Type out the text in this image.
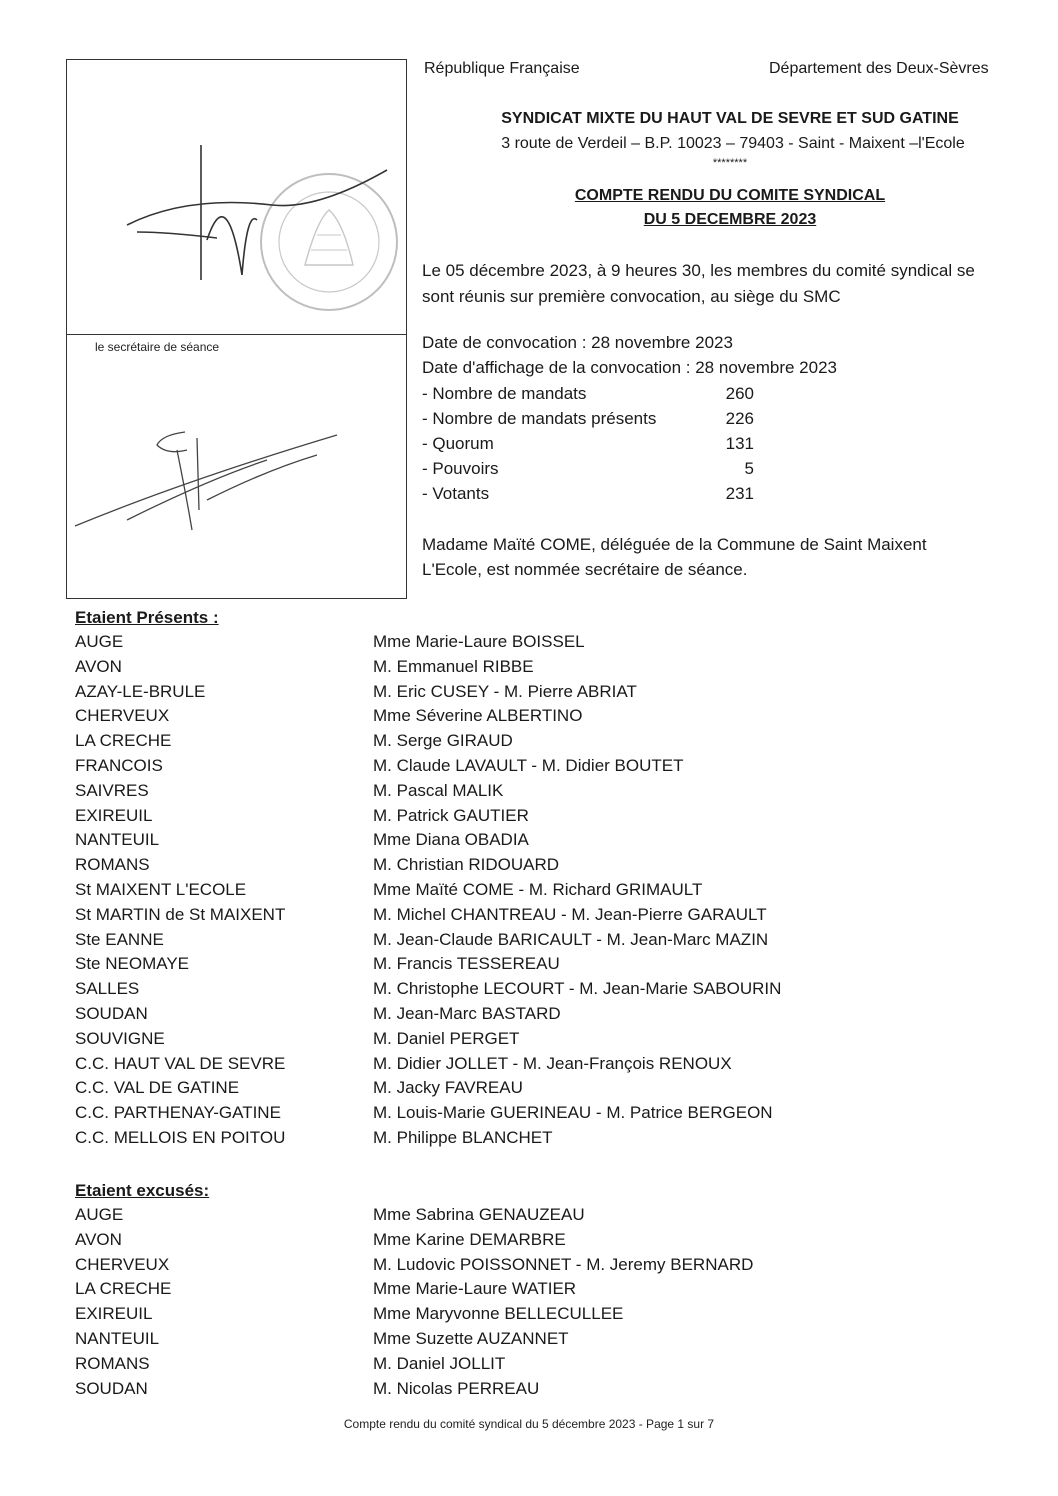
le secrétaire de séance
République Française	Département des Deux-Sèvres
SYNDICAT MIXTE DU HAUT VAL DE SEVRE ET SUD GATINE
3 route de Verdeil – B.P. 10023 – 79403 - Saint - Maixent –l'Ecole
********
COMPTE RENDU DU COMITE SYNDICAL
DU 5 DECEMBRE 2023
Le 05 décembre 2023, à 9 heures 30, les membres du comité syndical se
sont réunis sur première convocation, au siège du SMC
Date de convocation : 28 novembre 2023
Date d'affichage de la convocation : 28 novembre 2023
- Nombre de mandats	260
- Nombre de mandats présents	226
- Quorum	131
- Pouvoirs	5
- Votants	231
Madame Maïté COME, déléguée de la Commune de Saint Maixent
L'Ecole, est nommée secrétaire de séance.
Etaient Présents :
AUGE	Mme Marie-Laure BOISSEL
AVON	M. Emmanuel RIBBE
AZAY-LE-BRULE	M. Eric CUSEY - M. Pierre ABRIAT
CHERVEUX	Mme Séverine ALBERTINO
LA CRECHE	M. Serge GIRAUD
FRANCOIS	M. Claude LAVAULT - M. Didier BOUTET
SAIVRES	M. Pascal MALIK
EXIREUIL	M. Patrick GAUTIER
NANTEUIL	Mme Diana OBADIA
ROMANS	M. Christian RIDOUARD
St MAIXENT L'ECOLE	Mme Maïté COME - M. Richard GRIMAULT
St MARTIN de St MAIXENT	M. Michel CHANTREAU - M. Jean-Pierre GARAULT
Ste EANNE	M. Jean-Claude BARICAULT - M. Jean-Marc MAZIN
Ste NEOMAYE	M. Francis TESSEREAU
SALLES	M. Christophe LECOURT - M. Jean-Marie SABOURIN
SOUDAN	M. Jean-Marc BASTARD
SOUVIGNE	M. Daniel PERGET
C.C. HAUT VAL DE SEVRE	M. Didier JOLLET - M. Jean-François RENOUX
C.C. VAL DE GATINE	M. Jacky FAVREAU
C.C. PARTHENAY-GATINE	M. Louis-Marie GUERINEAU - M. Patrice BERGEON
C.C. MELLOIS EN POITOU	M. Philippe BLANCHET
Etaient excusés:
AUGE	Mme Sabrina GENAUZEAU
AVON	Mme Karine DEMARBRE
CHERVEUX	M. Ludovic POISSONNET - M. Jeremy BERNARD
LA CRECHE	Mme Marie-Laure WATIER
EXIREUIL	Mme Maryvonne BELLECULLEE
NANTEUIL	Mme Suzette AUZANNET
ROMANS	M. Daniel JOLLIT
SOUDAN	M. Nicolas PERREAU
Compte rendu du comité syndical du 5 décembre 2023 - Page 1 sur 7
